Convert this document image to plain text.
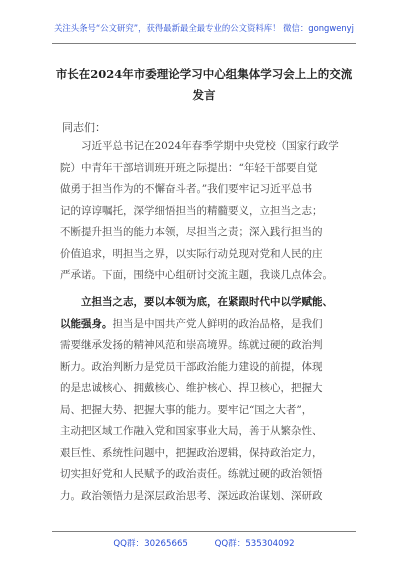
关注头条号“公文研究”，获得最新最全最专业的公文资料库！ 微信：gongwenyj
市长在2024年市委理论学习中心组集体学习会上上的交流
发言
同志们：
习近平总书记在2024年春季学期中央党校（国家行政学
院）中青年干部培训班开班之际提出：“年轻干部要自觉
做勇于担当作为的不懈奋斗者。”我们要牢记习近平总书
记的谆谆嘱托，深学细悟担当的精髓要义，立担当之志；
不断提升担当的能力本领，尽担当之责；深入践行担当的
价值追求，明担当之界，以实际行动兑现对党和人民的庄
严承诺。下面，围绕中心组研讨交流主题，我谈几点体会。
立担当之志，要以本领为底，在紧跟时代中以学赋能、
以能强身。担当是中国共产党人鲜明的政治品格，是我们
需要继承发扬的精神风范和崇高境界。练就过硬的政治判
断力。政治判断力是党员干部政治能力建设的前提，体现
的是忠诚核心、拥戴核心、维护核心、捍卫核心，把握大
局、把握大势、把握大事的能力。要牢记“国之大者”，
主动把区域工作融入党和国家事业大局，善于从繁杂性、
艰巨性、系统性问题中，把握政治逻辑，保持政治定力，
切实担好党和人民赋予的政治责任。练就过硬的政治领悟
力。政治领悟力是深层政治思考、深远政治谋划、深研政
QQ群：30265665	QQ群：535304092
